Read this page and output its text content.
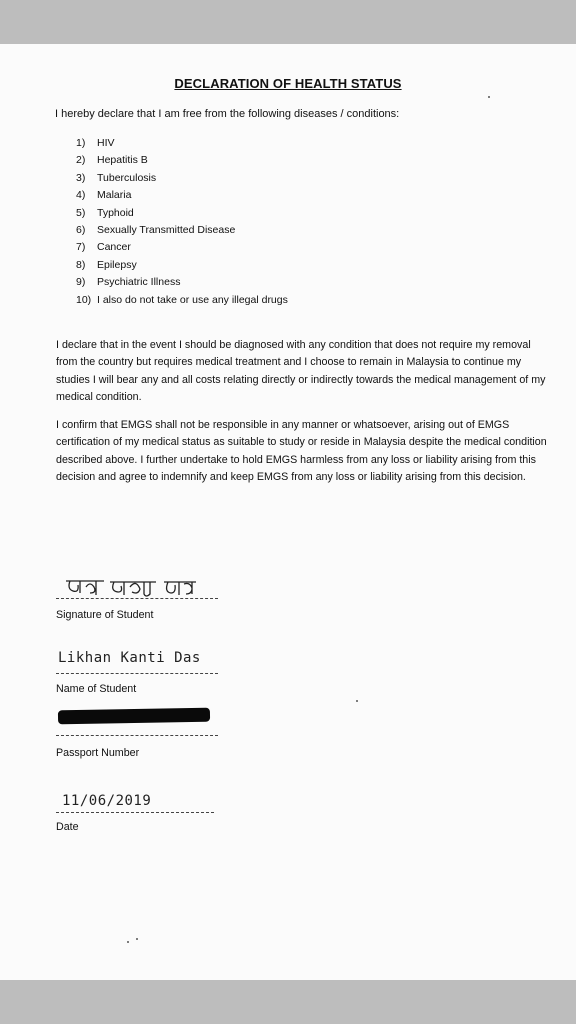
DECLARATION OF HEALTH STATUS
I hereby declare that I am free from the following diseases / conditions:
1) HIV
2) Hepatitis B
3) Tuberculosis
4) Malaria
5) Typhoid
6) Sexually Transmitted Disease
7) Cancer
8) Epilepsy
9) Psychiatric Illness
10) I also do not take or use any illegal drugs
I declare that in the event I should be diagnosed with any condition that does not require my removal from the country but requires medical treatment and I choose to remain in Malaysia to continue my studies I will bear any and all costs relating directly or indirectly towards the medical management of my medical condition.
I confirm that EMGS shall not be responsible in any manner or whatsoever, arising out of EMGS certification of my medical status as suitable to study or reside in Malaysia despite the medical condition described above. I further undertake to hold EMGS harmless from any loss or liability arising from this decision and agree to indemnify and keep EMGS from any loss or liability arising from this decision.
Signature of Student
Likhan Kanti Das
Name of Student
Passport Number
11/06/2019
Date
